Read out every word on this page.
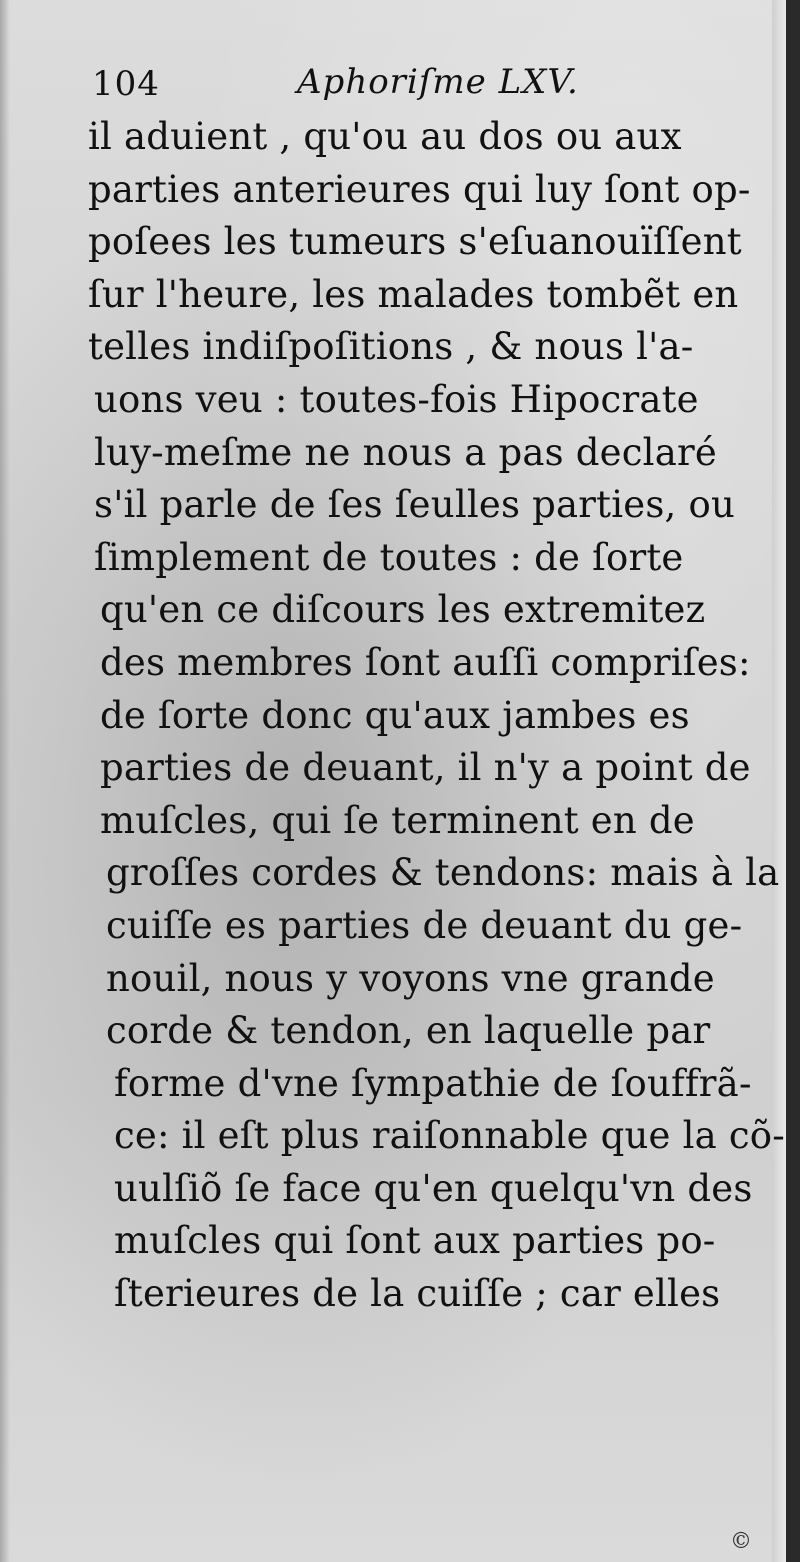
104	Aphoriſme LXV.
il aduient , qu'ou au dos ou aux
parties anterieures qui luy ſont op-
poſees les tumeurs s'eſuanouïſſent
ſur l'heure, les malades tombẽt en
telles indiſpoſitions , & nous l'a-
uons veu : toutes-fois Hipocrate
luy-meſme ne nous a pas declaré
s'il parle de ſes ſeulles parties, ou
ſimplement de toutes : de ſorte
qu'en ce diſcours les extremitez
des membres ſont auſſi compriſes:
de ſorte donc qu'aux jambes es
parties de deuant, il n'y a point de
muſcles, qui ſe terminent en de
groſſes cordes & tendons: mais à la
cuiſſe es parties de deuant du ge-
nouil, nous y voyons vne grande
corde & tendon, en laquelle par
forme d'vne ſympathie de ſouffrã-
ce: il eſt plus raiſonnable que la cõ-
uulſiõ ſe face qu'en quelqu'vn des
muſcles qui ſont aux parties po-
ſterieures de la cuiſſe ; car elles
©
